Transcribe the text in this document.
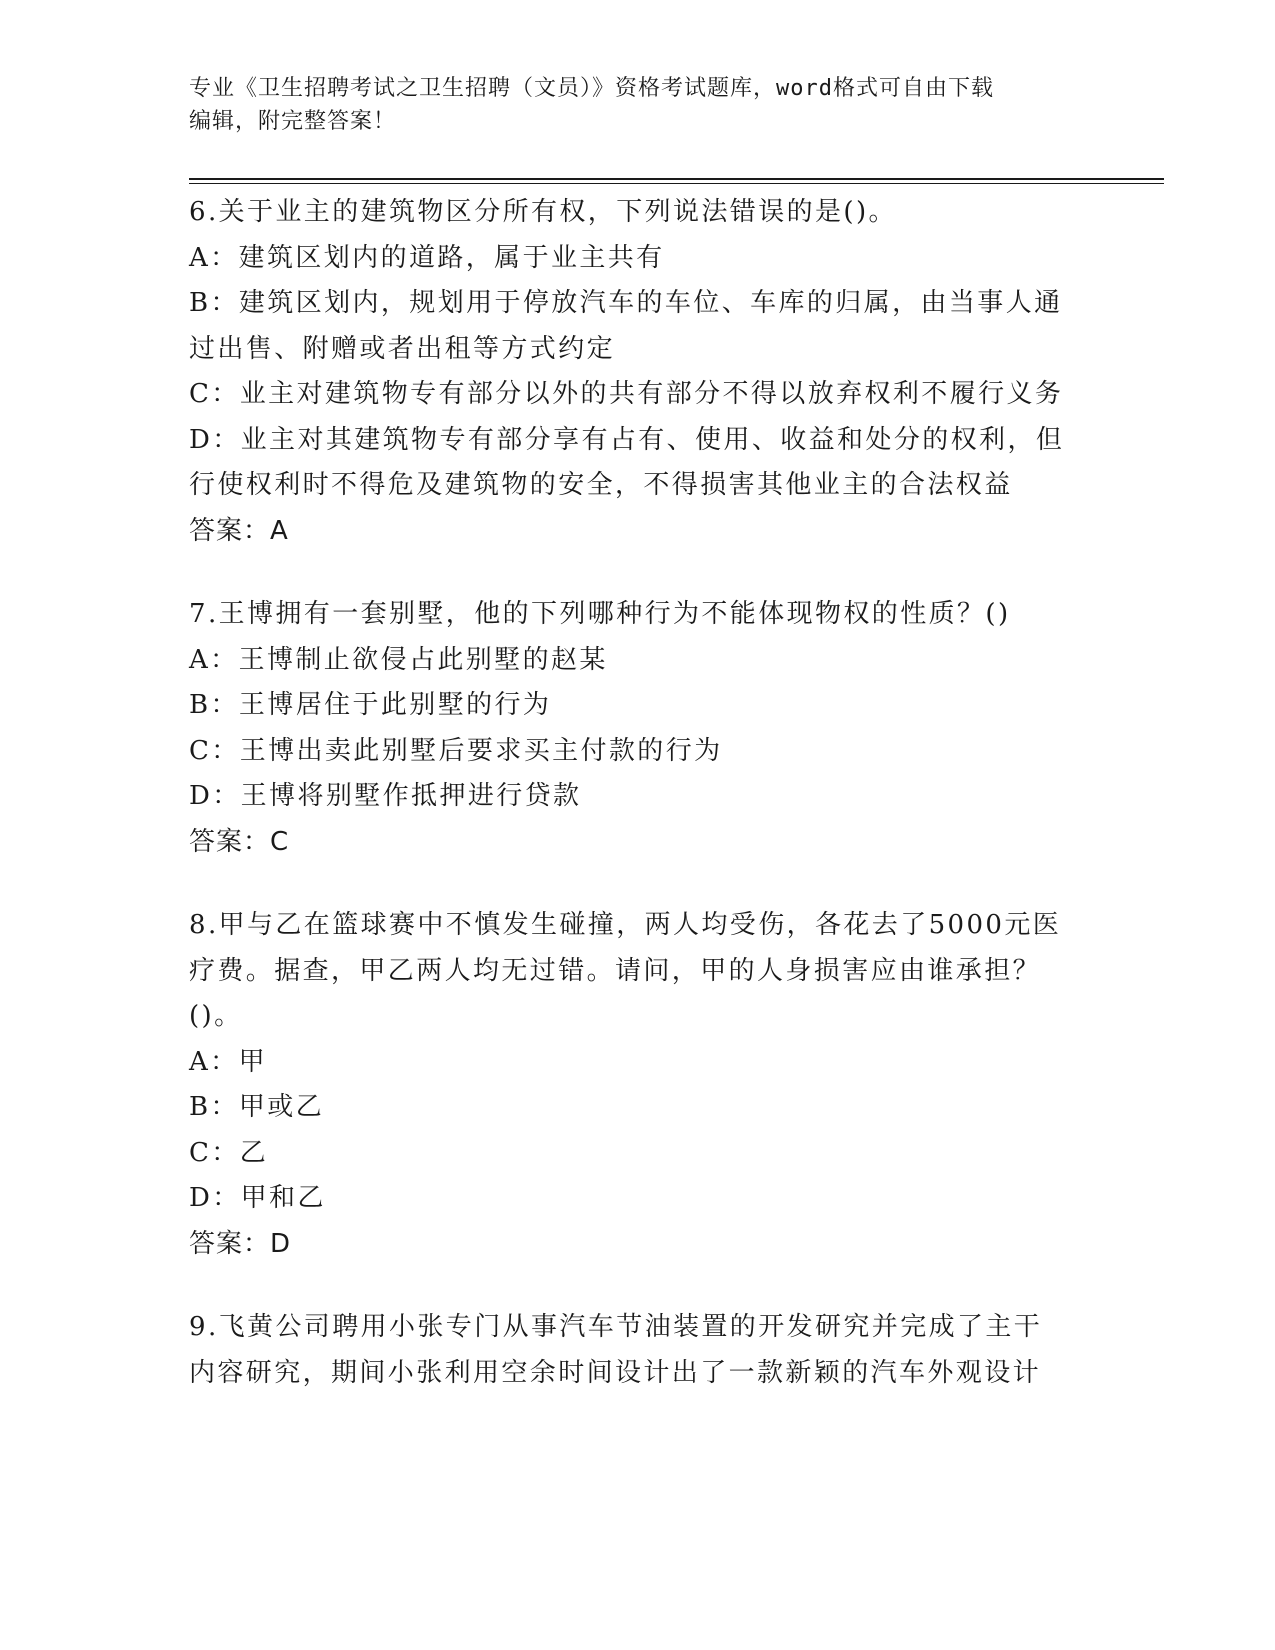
专业《卫生招聘考试之卫生招聘（文员）》资格考试题库，word格式可自由下载
编辑，附完整答案！
6.关于业主的建筑物区分所有权，下列说法错误的是()。
A：建筑区划内的道路，属于业主共有
B：建筑区划内，规划用于停放汽车的车位、车库的归属，由当事人通
过出售、附赠或者出租等方式约定
C：业主对建筑物专有部分以外的共有部分不得以放弃权利不履行义务
D：业主对其建筑物专有部分享有占有、使用、收益和处分的权利，但
行使权利时不得危及建筑物的安全，不得损害其他业主的合法权益
答案：A
7.王博拥有一套别墅，他的下列哪种行为不能体现物权的性质？()
A：王博制止欲侵占此别墅的赵某
B：王博居住于此别墅的行为
C：王博出卖此别墅后要求买主付款的行为
D：王博将别墅作抵押进行贷款
答案：C
8.甲与乙在篮球赛中不慎发生碰撞，两人均受伤，各花去了5000元医
疗费。据查，甲乙两人均无过错。请问，甲的人身损害应由谁承担？
()。
A：甲
B：甲或乙
C：乙
D：甲和乙
答案：D
9.飞黄公司聘用小张专门从事汽车节油装置的开发研究并完成了主干
内容研究，期间小张利用空余时间设计出了一款新颖的汽车外观设计
